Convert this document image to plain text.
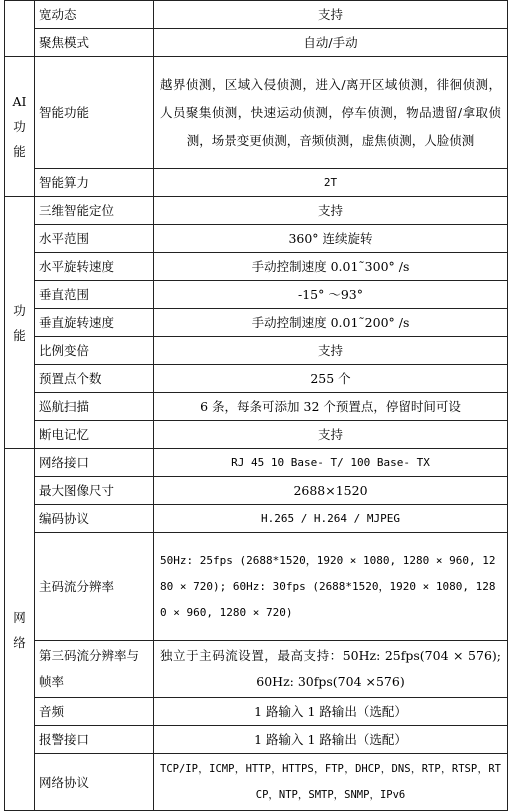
	宽动态	支持
	聚焦模式	自动/手动
AI功能	智能功能	越界侦测，区域入侵侦测，进入/离开区域侦测，徘徊侦测，人员聚集侦测，快速运动侦测，停车侦测，物品遗留/拿取侦测，场景变更侦测，音频侦测，虚焦侦测，人脸侦测
	智能算力	2T
功能	三维智能定位	支持
	水平范围	360° 连续旋转
	水平旋转速度	手动控制速度 0.01˜300° /s
	垂直范围	-15° ～93°
	垂直旋转速度	手动控制速度 0.01˜200° /s
	比例变倍	支持
	预置点个数	255 个
	巡航扫描	6 条，每条可添加 32 个预置点，停留时间可设
	断电记忆	支持
网络	网络接口	RJ 45 10 Base- T/ 100 Base- TX
	最大图像尺寸	2688×1520
	编码协议	H.265 / H.264 / MJPEG
	主码流分辨率	50Hz: 25fps (2688*1520，1920 × 1080, 1280 × 960, 1280 × 720); 60Hz: 30fps (2688*1520，1920 × 1080, 1280 × 960, 1280 × 720)
	第三码流分辨率与帧率	独立于主码流设置，最高支持：50Hz: 25fps(704 × 576); 60Hz: 30fps(704 ×576)
	音频	1 路输入 1 路输出（选配）
	报警接口	1 路输入 1 路输出（选配）
	网络协议	TCP/IP，ICMP，HTTP，HTTPS，FTP，DHCP，DNS，RTP，RTSP，RTCP，NTP，SMTP，SNMP，IPv6
